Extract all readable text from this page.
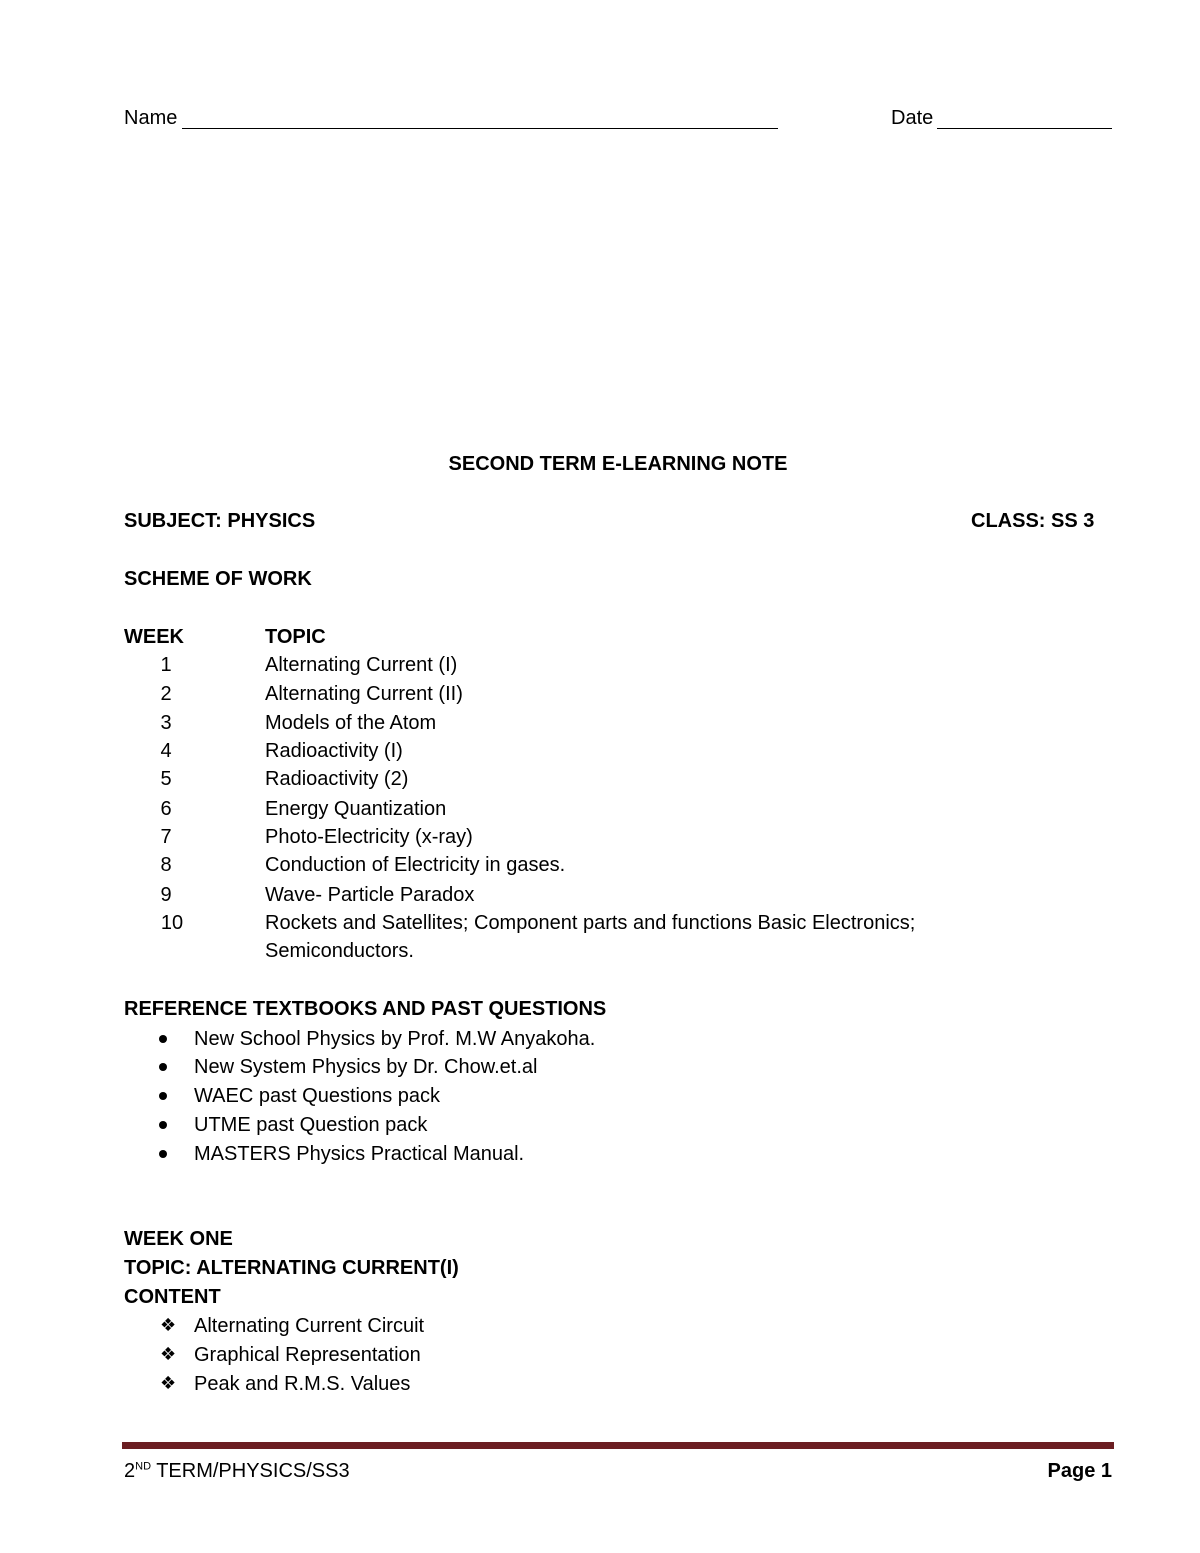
Name	Date
SECOND TERM E-LEARNING NOTE
SUBJECT: PHYSICS	CLASS: SS 3
SCHEME OF WORK
WEEK	TOPIC
1	Alternating Current (I)
2	Alternating Current (II)
3	Models of the Atom
4	Radioactivity (I)
5	Radioactivity (2)
6	Energy Quantization
7	Photo-Electricity (x-ray)
8	Conduction of Electricity in gases.
9	Wave- Particle Paradox
10	Rockets and Satellites; Component parts and functions Basic Electronics;
Semiconductors.
REFERENCE TEXTBOOKS AND PAST QUESTIONS
New School Physics by Prof. M.W Anyakoha.
New System Physics by Dr. Chow.et.al
WAEC past Questions pack
UTME past Question pack
MASTERS Physics Practical Manual.
WEEK ONE
TOPIC: ALTERNATING CURRENT(I)
CONTENT
❖ Alternating Current Circuit
❖ Graphical Representation
❖ Peak and R.M.S. Values
2ND TERM/PHYSICS/SS3	Page 1
